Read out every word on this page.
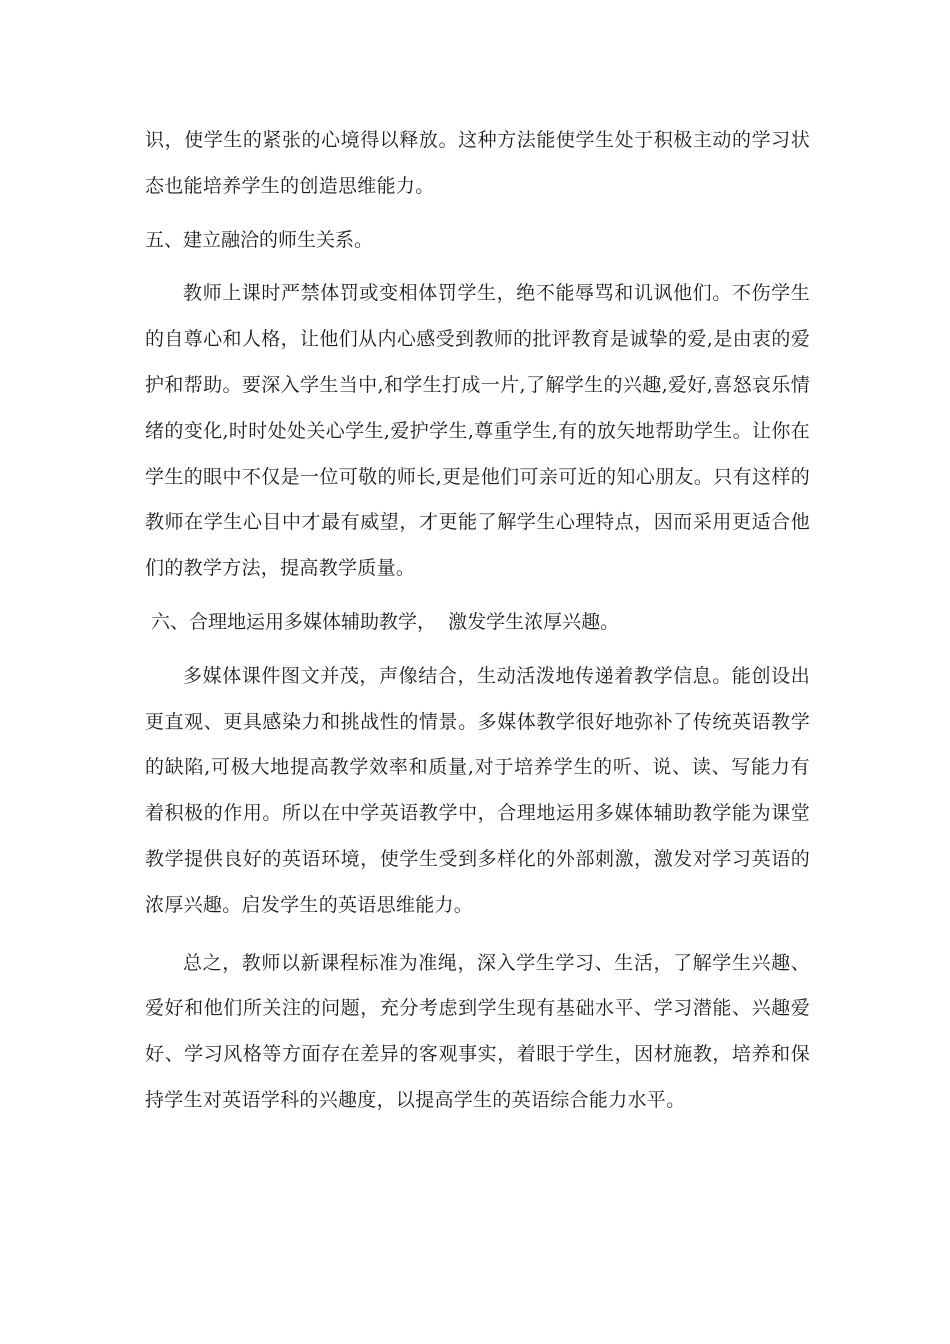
识，使学生的紧张的心境得以释放。这种方法能使学生处于积极主动的学习状态也能培养学生的创造思维能力。

五、建立融洽的师生关系。

教师上课时严禁体罚或变相体罚学生，绝不能辱骂和讥讽他们。不伤学生的自尊心和人格，让他们从内心感受到教师的批评教育是诚挚的爱,是由衷的爱护和帮助。要深入学生当中,和学生打成一片,了解学生的兴趣,爱好,喜怒哀乐情绪的变化,时时处处关心学生,爱护学生,尊重学生,有的放矢地帮助学生。让你在学生的眼中不仅是一位可敬的师长,更是他们可亲可近的知心朋友。只有这样的教师在学生心目中才最有威望，才更能了解学生心理特点，因而采用更适合他们的教学方法，提高教学质量。

六、合理地运用多媒体辅助教学，  激发学生浓厚兴趣。

多媒体课件图文并茂，声像结合，生动活泼地传递着教学信息。能创设出更直观、更具感染力和挑战性的情景。多媒体教学很好地弥补了传统英语教学的缺陷,可极大地提高教学效率和质量,对于培养学生的听、说、读、写能力有着积极的作用。所以在中学英语教学中，合理地运用多媒体辅助教学能为课堂教学提供良好的英语环境，使学生受到多样化的外部刺激，激发对学习英语的浓厚兴趣。启发学生的英语思维能力。

总之，教师以新课程标准为准绳，深入学生学习、生活，了解学生兴趣、爱好和他们所关注的问题，充分考虑到学生现有基础水平、学习潜能、兴趣爱好、学习风格等方面存在差异的客观事实，着眼于学生，因材施教，培养和保持学生对英语学科的兴趣度，以提高学生的英语综合能力水平。
